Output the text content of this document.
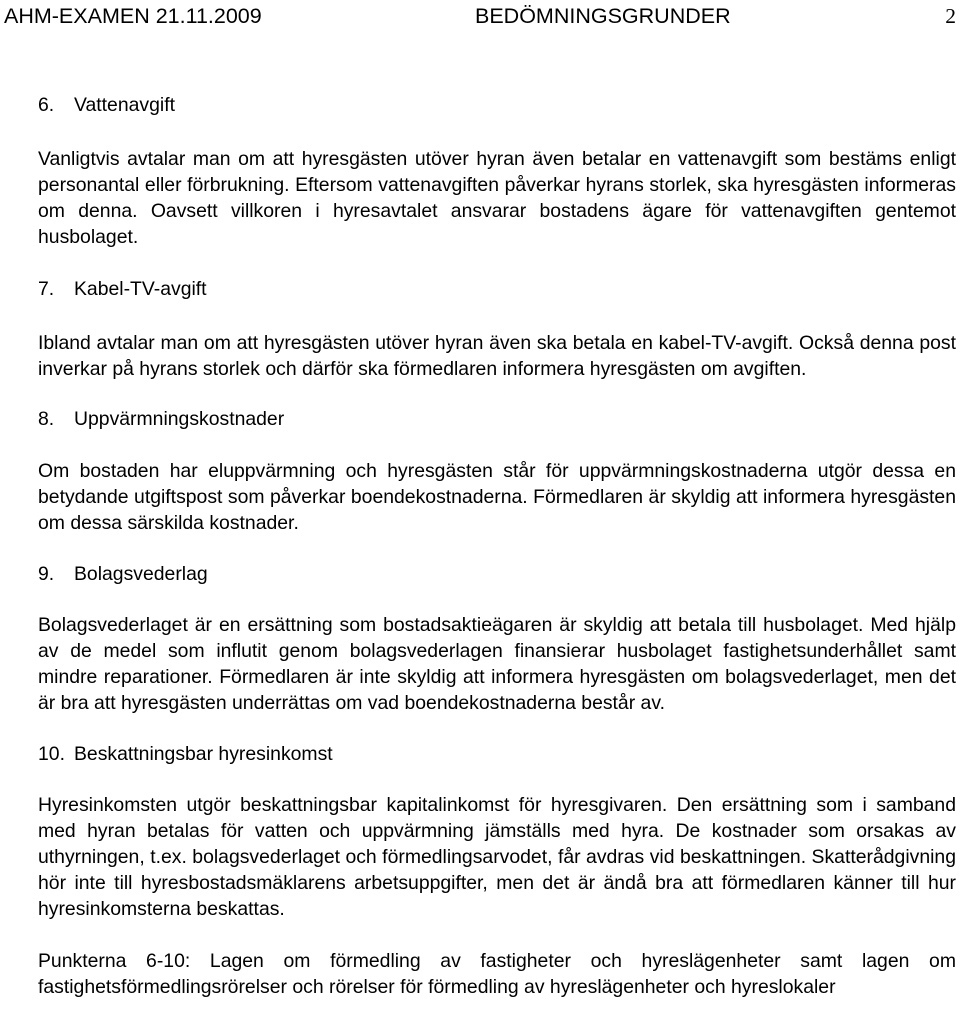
AHM-EXAMEN 21.11.2009	BEDÖMNINGSGRUNDER	2
6. Vattenavgift

Vanligtvis avtalar man om att hyresgästen utöver hyran även betalar en vattenavgift som bestäms enligt personantal eller förbrukning. Eftersom vattenavgiften påverkar hyrans storlek, ska hyresgästen informeras om denna. Oavsett villkoren i hyresavtalet ansvarar bostadens ägare för vattenavgiften gentemot husbolaget.

7. Kabel-TV-avgift

Ibland avtalar man om att hyresgästen utöver hyran även ska betala en kabel-TV-avgift. Också denna post inverkar på hyrans storlek och därför ska förmedlaren informera hyresgästen om avgiften.

8. Uppvärmningskostnader

Om bostaden har eluppvärmning och hyresgästen står för uppvärmningskostnaderna utgör dessa en betydande utgiftspost som påverkar boendekostnaderna. Förmedlaren är skyldig att informera hyresgästen om dessa särskilda kostnader.

9. Bolagsvederlag

Bolagsvederlaget är en ersättning som bostadsaktieägaren är skyldig att betala till husbolaget. Med hjälp av de medel som influtit genom bolagsvederlagen finansierar husbolaget fastighetsunderhållet samt mindre reparationer. Förmedlaren är inte skyldig att informera hyresgästen om bolagsvederlaget, men det är bra att hyresgästen underrättas om vad boendekostnaderna består av.

10. Beskattningsbar hyresinkomst

Hyresinkomsten utgör beskattningsbar kapitalinkomst för hyresgivaren. Den ersättning som i samband med hyran betalas för vatten och uppvärmning jämställs med hyra. De kostnader som orsakas av uthyrningen, t.ex. bolagsvederlaget och förmedlingsarvodet, får avdras vid beskattningen. Skatterådgivning hör inte till hyresbostadsmäklarens arbetsuppgifter, men det är ändå bra att förmedlaren känner till hur hyresinkomsterna beskattas.

Punkterna 6-10: Lagen om förmedling av fastigheter och hyreslägenheter samt lagen om fastighetsförmedlingsrörelser och rörelser för förmedling av hyreslägenheter och hyreslokaler
